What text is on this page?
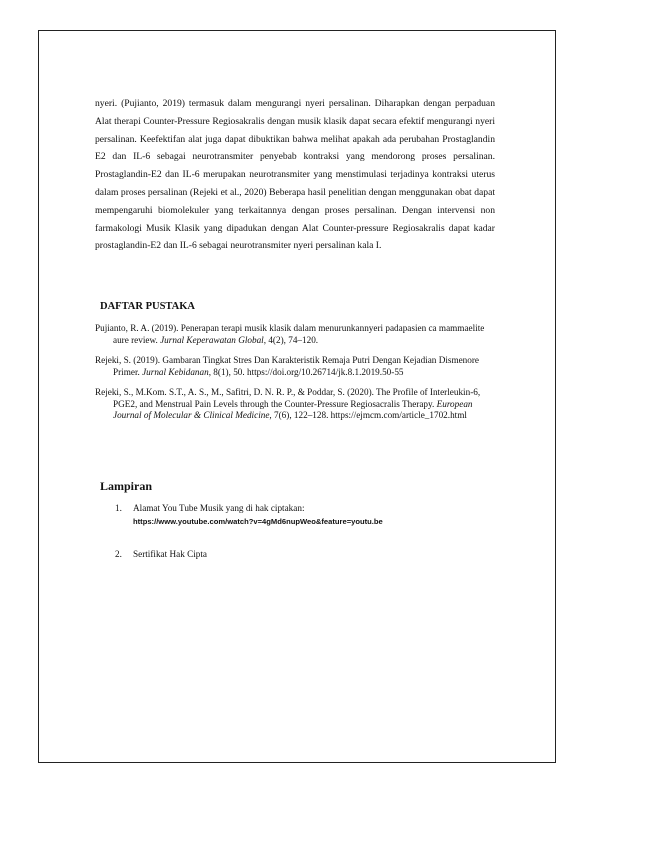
nyeri. (Pujianto, 2019) termasuk dalam mengurangi nyeri persalinan. Diharapkan dengan perpaduan Alat therapi Counter-Pressure Regiosakralis dengan musik klasik dapat secara efektif mengurangi nyeri persalinan. Keefektifan alat juga dapat dibuktikan bahwa melihat apakah ada perubahan Prostaglandin E2 dan IL-6 sebagai neurotransmiter penyebab kontraksi yang mendorong proses persalinan. Prostaglandin-E2 dan IL-6 merupakan neurotransmiter yang menstimulasi terjadinya kontraksi uterus dalam proses persalinan (Rejeki et al., 2020) Beberapa hasil penelitian dengan menggunakan obat dapat mempengaruhi biomolekuler yang terkaitannya dengan proses persalinan. Dengan intervensi non farmakologi Musik Klasik yang dipadukan dengan Alat Counter-pressure Regiosakralis dapat kadar prostaglandin-E2 dan IL-6 sebagai neurotransmiter nyeri persalinan kala I.
DAFTAR PUSTAKA

Pujianto, R. A. (2019). Penerapan terapi musik klasik dalam menurunkannyeri padapasien ca mammaelite aure review. Jurnal Keperawatan Global, 4(2), 74–120.

Rejeki, S. (2019). Gambaran Tingkat Stres Dan Karakteristik Remaja Putri Dengan Kejadian Dismenore Primer. Jurnal Kebidanan, 8(1), 50. https://doi.org/10.26714/jk.8.1.2019.50-55

Rejeki, S., M.Kom. S.T., A. S., M., Safitri, D. N. R. P., & Poddar, S. (2020). The Profile of Interleukin-6, PGE2, and Menstrual Pain Levels through the Counter-Pressure Regiosacralis Therapy. European Journal of Molecular & Clinical Medicine, 7(6), 122–128. https://ejmcm.com/article_1702.html

Lampiran
1. Alamat You Tube Musik yang di hak ciptakan:
https://www.youtube.com/watch?v=4gMd6nupWeo&feature=youtu.be
2. Sertifikat Hak Cipta
